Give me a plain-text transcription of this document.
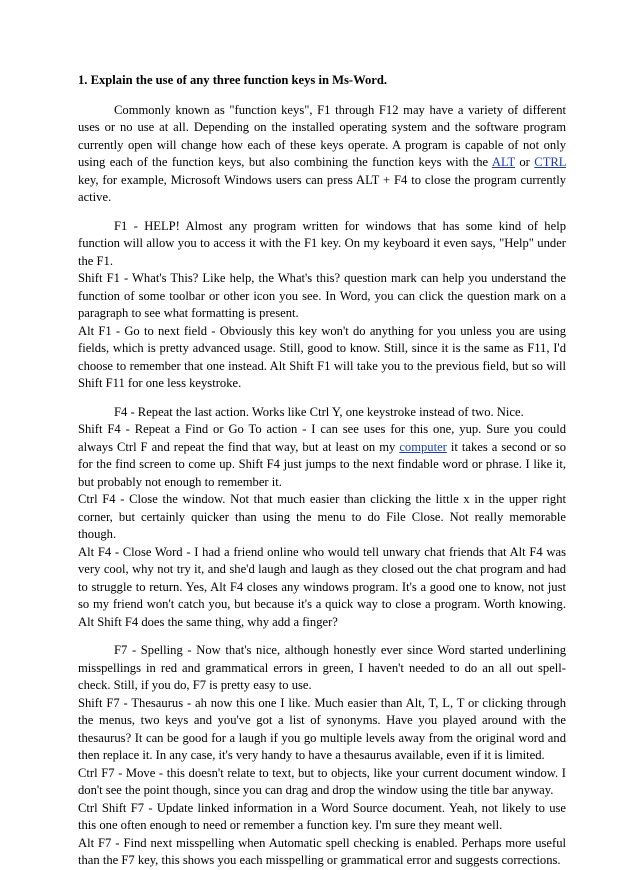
1. Explain the use of any three function keys in Ms-Word.

Commonly known as "function keys", F1 through F12 may have a variety of different uses or no use at all. Depending on the installed operating system and the software program currently open will change how each of these keys operate. A program is capable of not only using each of the function keys, but also combining the function keys with the ALT or CTRL key, for example, Microsoft Windows users can press ALT + F4 to close the program currently active.

F1 - HELP! Almost any program written for windows that has some kind of help function will allow you to access it with the F1 key. On my keyboard it even says, "Help" under the F1.

Shift F1 - What's This? Like help, the What's this? question mark can help you understand the function of some toolbar or other icon you see. In Word, you can click the question mark on a paragraph to see what formatting is present.

Alt F1 - Go to next field - Obviously this key won't do anything for you unless you are using fields, which is pretty advanced usage. Still, good to know. Still, since it is the same as F11, I'd choose to remember that one instead. Alt Shift F1 will take you to the previous field, but so will Shift F11 for one less keystroke.

F4 - Repeat the last action. Works like Ctrl Y, one keystroke instead of two. Nice.

Shift F4 - Repeat a Find or Go To action - I can see uses for this one, yup. Sure you could always Ctrl F and repeat the find that way, but at least on my computer it takes a second or so for the find screen to come up. Shift F4 just jumps to the next findable word or phrase. I like it, but probably not enough to remember it.

Ctrl F4 - Close the window. Not that much easier than clicking the little x in the upper right corner, but certainly quicker than using the menu to do File Close. Not really memorable though.

Alt F4 - Close Word - I had a friend online who would tell unwary chat friends that Alt F4 was very cool, why not try it, and she'd laugh and laugh as they closed out the chat program and had to struggle to return. Yes, Alt F4 closes any windows program. It's a good one to know, not just so my friend won't catch you, but because it's a quick way to close a program. Worth knowing. Alt Shift F4 does the same thing, why add a finger?

F7 - Spelling - Now that's nice, although honestly ever since Word started underlining misspellings in red and grammatical errors in green, I haven't needed to do an all out spell-check. Still, if you do, F7 is pretty easy to use.

Shift F7 - Thesaurus - ah now this one I like. Much easier than Alt, T, L, T or clicking through the menus, two keys and you've got a list of synonyms. Have you played around with the thesaurus? It can be good for a laugh if you go multiple levels away from the original word and then replace it. In any case, it's very handy to have a thesaurus available, even if it is limited.

Ctrl F7 - Move - this doesn't relate to text, but to objects, like your current document window. I don't see the point though, since you can drag and drop the window using the title bar anyway.

Ctrl Shift F7 - Update linked information in a Word Source document. Yeah, not likely to use this one often enough to need or remember a function key. I'm sure they meant well.

Alt F7 - Find next misspelling when Automatic spell checking is enabled. Perhaps more useful than the F7 key, this shows you each misspelling or grammatical error and suggests corrections.
